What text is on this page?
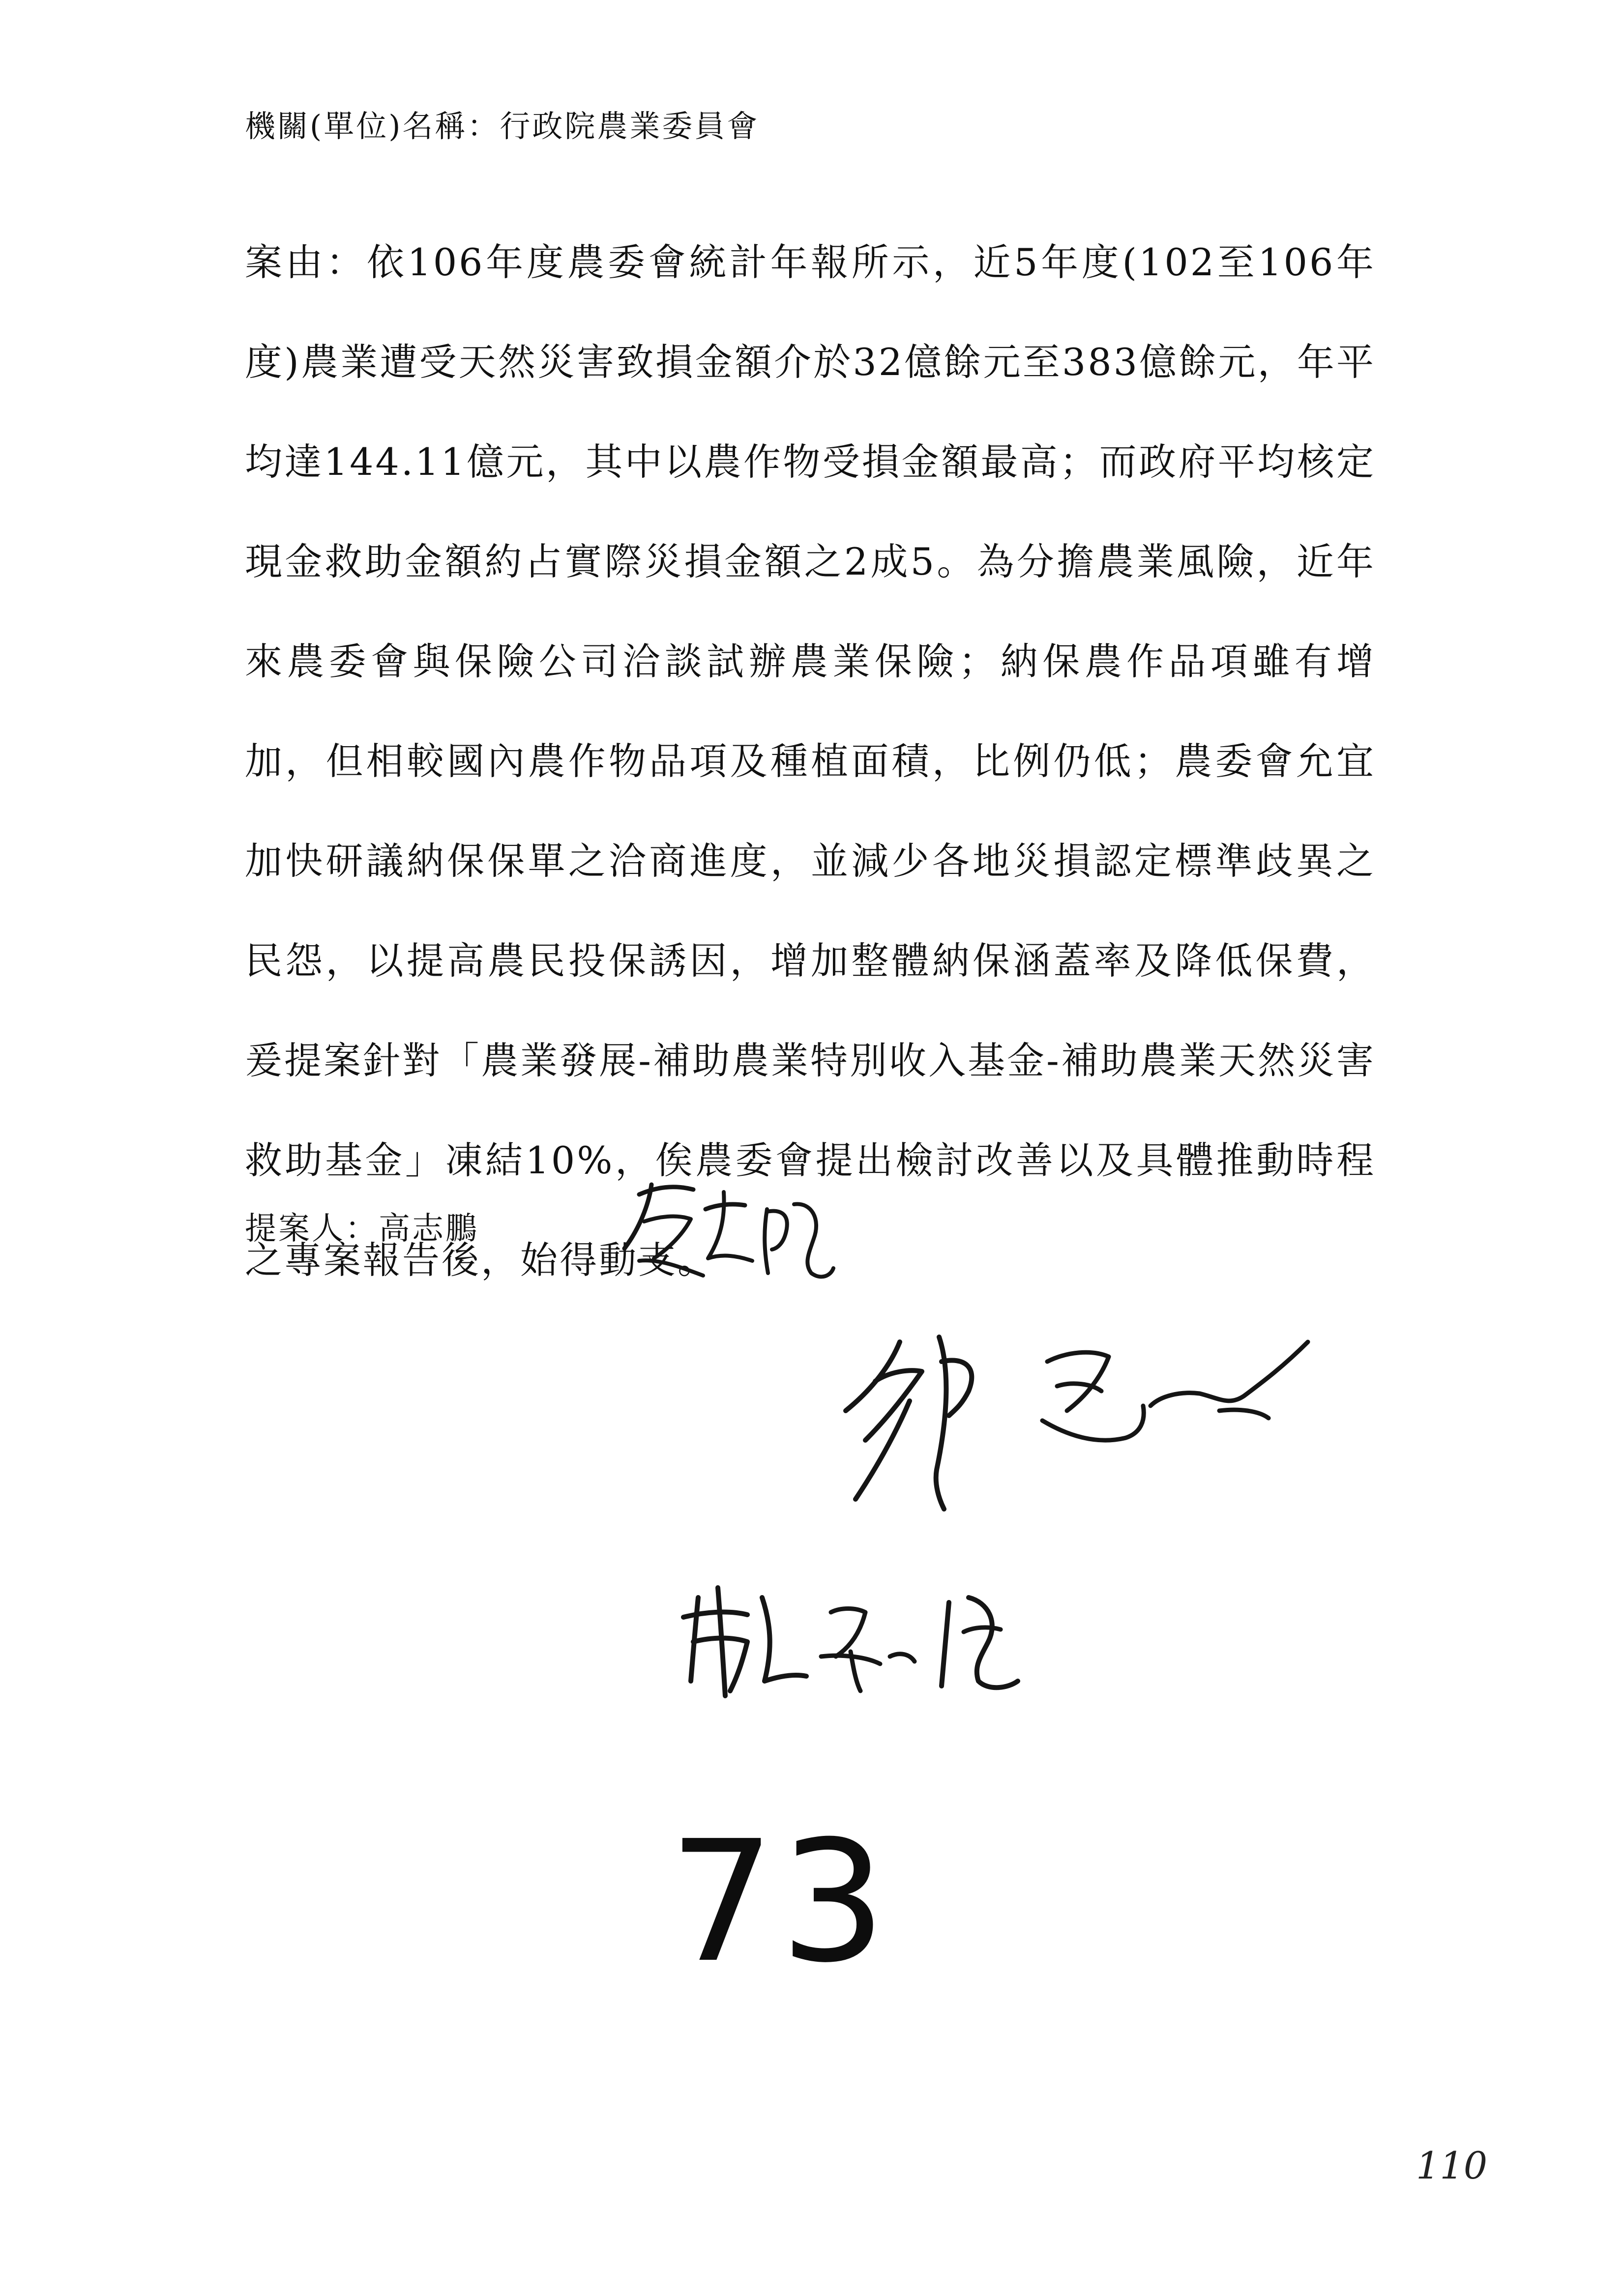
機關(單位)名稱：行政院農業委員會

案由：依106年度農委會統計年報所示，近5年度(102至106年度)農業遭受天然災害致損金額介於32億餘元至383億餘元，年平均達144.11億元，其中以農作物受損金額最高；而政府平均核定現金救助金額約占實際災損金額之2成5。為分擔農業風險，近年來農委會與保險公司洽談試辦農業保險；納保農作品項雖有增加，但相較國內農作物品項及種植面積，比例仍低；農委會允宜加快研議納保保單之洽商進度，並減少各地災損認定標準歧異之民怨，以提高農民投保誘因，增加整體納保涵蓋率及降低保費，爰提案針對「農業發展-補助農業特別收入基金-補助農業天然災害救助基金」凍結10%，俟農委會提出檢討改善以及具體推動時程之專案報告後，始得動支。

提案人：高志鵬
73
110
